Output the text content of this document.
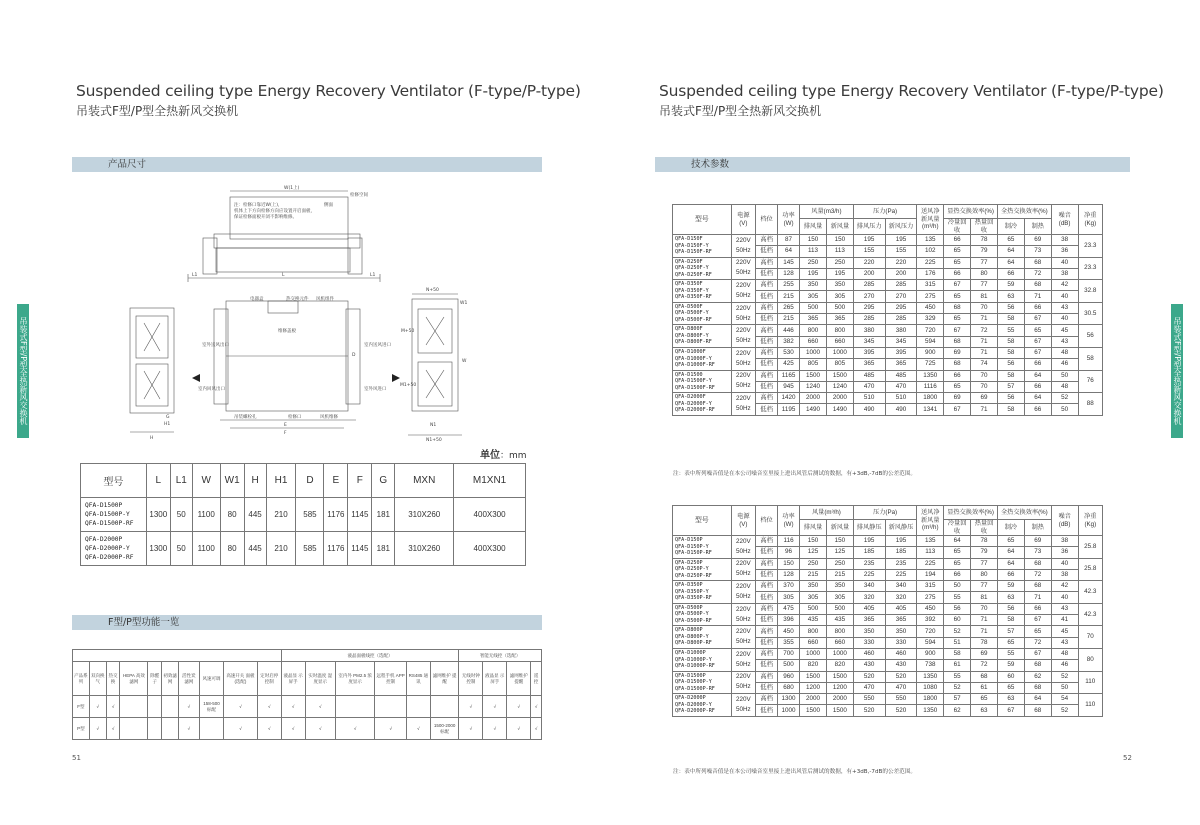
Suspended ceiling type Energy Recovery Ventilator (F-type/P-type)
吊装式F型/P型全热新风交换机
产品尺寸
吊装式F型/P型全热新风交换机
W(1上)
检修空间
注：检修口靠近W(上)，
机体上下方向检修方向应设置开启面板，
保证检修面板开闭不影响维修。
侧面
L1	L	L1
电器盒	热交换元件 风机组件
维修盖板
室外送风出口
室内回风出口
室内送风进口
室外风进口
吊装螺栓孔	检修口	风机维修
N+50
W1
M+50
M1+50
N1
N1+50
W
H
H1
G
D
E
F
单位：mm
型号	L	L1	W	W1	H	H1	D	E	F	G	MXN	M1XN1

QFA-D1500P
QFA-D1500P-Y
QFA-D1500P-RF	1300	50	1100	80	445	210	585	1176	1145	181	310X260	400X300

QFA-D2000P
QFA-D2000P-Y
QFA-D2000P-RF	1300	50	1100	80	445	210	585	1176	1145	181	310X260	400X300
F型/P型功能一览
										液晶面板线控（选配）						智能无线控（选配）			
产品系列	双向换气	热交换	HEPA 高效滤网	除醛子	初效滤网	活性炭 滤网	风速可调	高速开关 面板 (选配)	定时启停 控制	液晶显 示屏手	实时温度 湿度显示	室内外 PM2.5 浓度显示	远程手机 APP控制	RS485 通讯	滤网维护 提醒	无线时钟 控制	液晶显 示屏手	滤网维护 提醒	遥控
F型	√	√				√	158-500 标配	√	√	√	√					√	√	√	√
P型	√	√				√		√	√	√	√	√	√	√	1500-2000 标配	√	√	√	√
51
Suspended ceiling type Energy Recovery Ventilator (F-type/P-type)
吊装式F型/P型全热新风交换机
技术参数
吊装式F型/P型全热新风交换机
型号	电源 (V)	档位	功率 (W)	风量(m3/h)		压力(Pa)		送风净 新风量 (m³/h)	显热交换效率(%)		全热交换效率(%)		噪音 (dB)	净重 (Kg)
				排风量	新风量	排风压力	新风压力		冷量回收	热量回收	制冷	制热		

QFA-D150F
QFA-D150F-Y
QFA-D150F-RF	220V 50Hz	高档	87	150	150	195	195	135	66	78	65	69	38	23.3
		低档	64	113	113	155	155	102	65	79	64	73	36	

QFA-D250F
QFA-D250F-Y
QFA-D250F-RF	220V 50Hz	高档	145	250	250	220	220	225	65	77	64	68	40	23.3
		低档	128	195	195	200	200	176	66	80	66	72	38	

QFA-D350F
QFA-D350F-Y
QFA-D350F-RF	220V 50Hz	高档	255	350	350	285	285	315	67	77	59	68	42	32.8
		低档	215	305	305	270	270	275	65	81	63	71	40	

QFA-D500F
QFA-D500F-Y
QFA-D500F-RF	220V 50Hz	高档	265	500	500	295	295	450	68	70	56	66	43	30.5
		低档	215	365	365	285	285	329	65	71	58	67	40	

QFA-D800F
QFA-D800F-Y
QFA-D800F-RF	220V 50Hz	高档	446	800	800	380	380	720	67	72	55	65	45	56
		低档	382	660	660	345	345	594	68	71	58	67	43	

QFA-D1000F
QFA-D1000F-Y
QFA-D1000F-RF	220V 50Hz	高档	530	1000	1000	395	395	900	69	71	58	67	48	58
		低档	425	805	805	365	365	725	68	74	56	66	46	

QFA-D1500
QFA-D1500F-Y
QFA-D1500F-RF	220V 50Hz	高档	1165	1500	1500	485	485	1350	66	70	58	64	50	76
		低档	945	1240	1240	470	470	1116	65	70	57	66	48	

QFA-D2000F
QFA-D2000F-Y
QFA-D2000F-RF	220V 50Hz	高档	1420	2000	2000	510	510	1800	69	69	56	64	52	88
		低档	1195	1490	1490	490	490	1341	67	71	58	66	50	
注：表中所列噪音值是在本公司噪音室里接上进出风管后测试的数据，有+3dB,-7dB的公差范围。
型号	电源 (V)	档位	功率 (W)	风量(m³/h)		压力(Pa)		送风净 新风量 (m³/h)	显热交换效率(%)		全热交换效率(%)		噪音 (dB)	净重 (Kg)
				排风量	新风量	排风静压	新风静压		冷量回收	热量回收	制冷	制热		

QFA-D150P
QFA-D150P-Y
QFA-D150P-RF	220V 50Hz	高档	116	150	150	195	195	135	64	78	65	69	38	25.8
		低档	96	125	125	185	185	113	65	79	64	73	36	

QFA-D250P
QFA-D250P-Y
QFA-D250P-RF	220V 50Hz	高档	150	250	250	235	235	225	65	77	64	68	40	25.8
		低档	128	215	215	225	225	194	66	80	66	72	38	

QFA-D350P
QFA-D350P-Y
QFA-D350P-RF	220V 50Hz	高档	370	350	350	340	340	315	50	77	59	68	42	42.3
		低档	305	305	305	320	320	275	55	81	63	71	40	

QFA-D500P
QFA-D500P-Y
QFA-D500P-RF	220V 50Hz	高档	475	500	500	405	405	450	56	70	56	66	43	42.3
		低档	396	435	435	365	365	392	60	71	58	67	41	

QFA-D800P
QFA-D800P-Y
QFA-D800P-RF	220V 50Hz	高档	450	800	800	350	350	720	52	71	57	65	45	70
		低档	355	660	660	330	330	594	51	78	65	72	43	

QFA-D1000P
QFA-D1000P-Y
QFA-D1000P-RF	220V 50Hz	高档	700	1000	1000	460	460	900	58	69	55	67	48	80
		低档	500	820	820	430	430	738	61	72	59	68	46	

QFA-D1500P
QFA-D1500P-Y
QFA-D1500P-RF	220V 50Hz	高档	960	1500	1500	520	520	1350	55	68	60	62	52	110
		低档	680	1200	1200	470	470	1080	52	61	65	68	50	

QFA-D2000P
QFA-D2000P-Y
QFA-D2000P-RF	220V 50Hz	高档	1300	2000	2000	550	550	1800	57	65	63	64	54	110
		低档	1000	1500	1500	520	520	1350	62	63	67	68	52	
注：表中所列噪音值是在本公司噪音室里接上进出风管后测试的数据，有+3dB,-7dB的公差范围。
52
